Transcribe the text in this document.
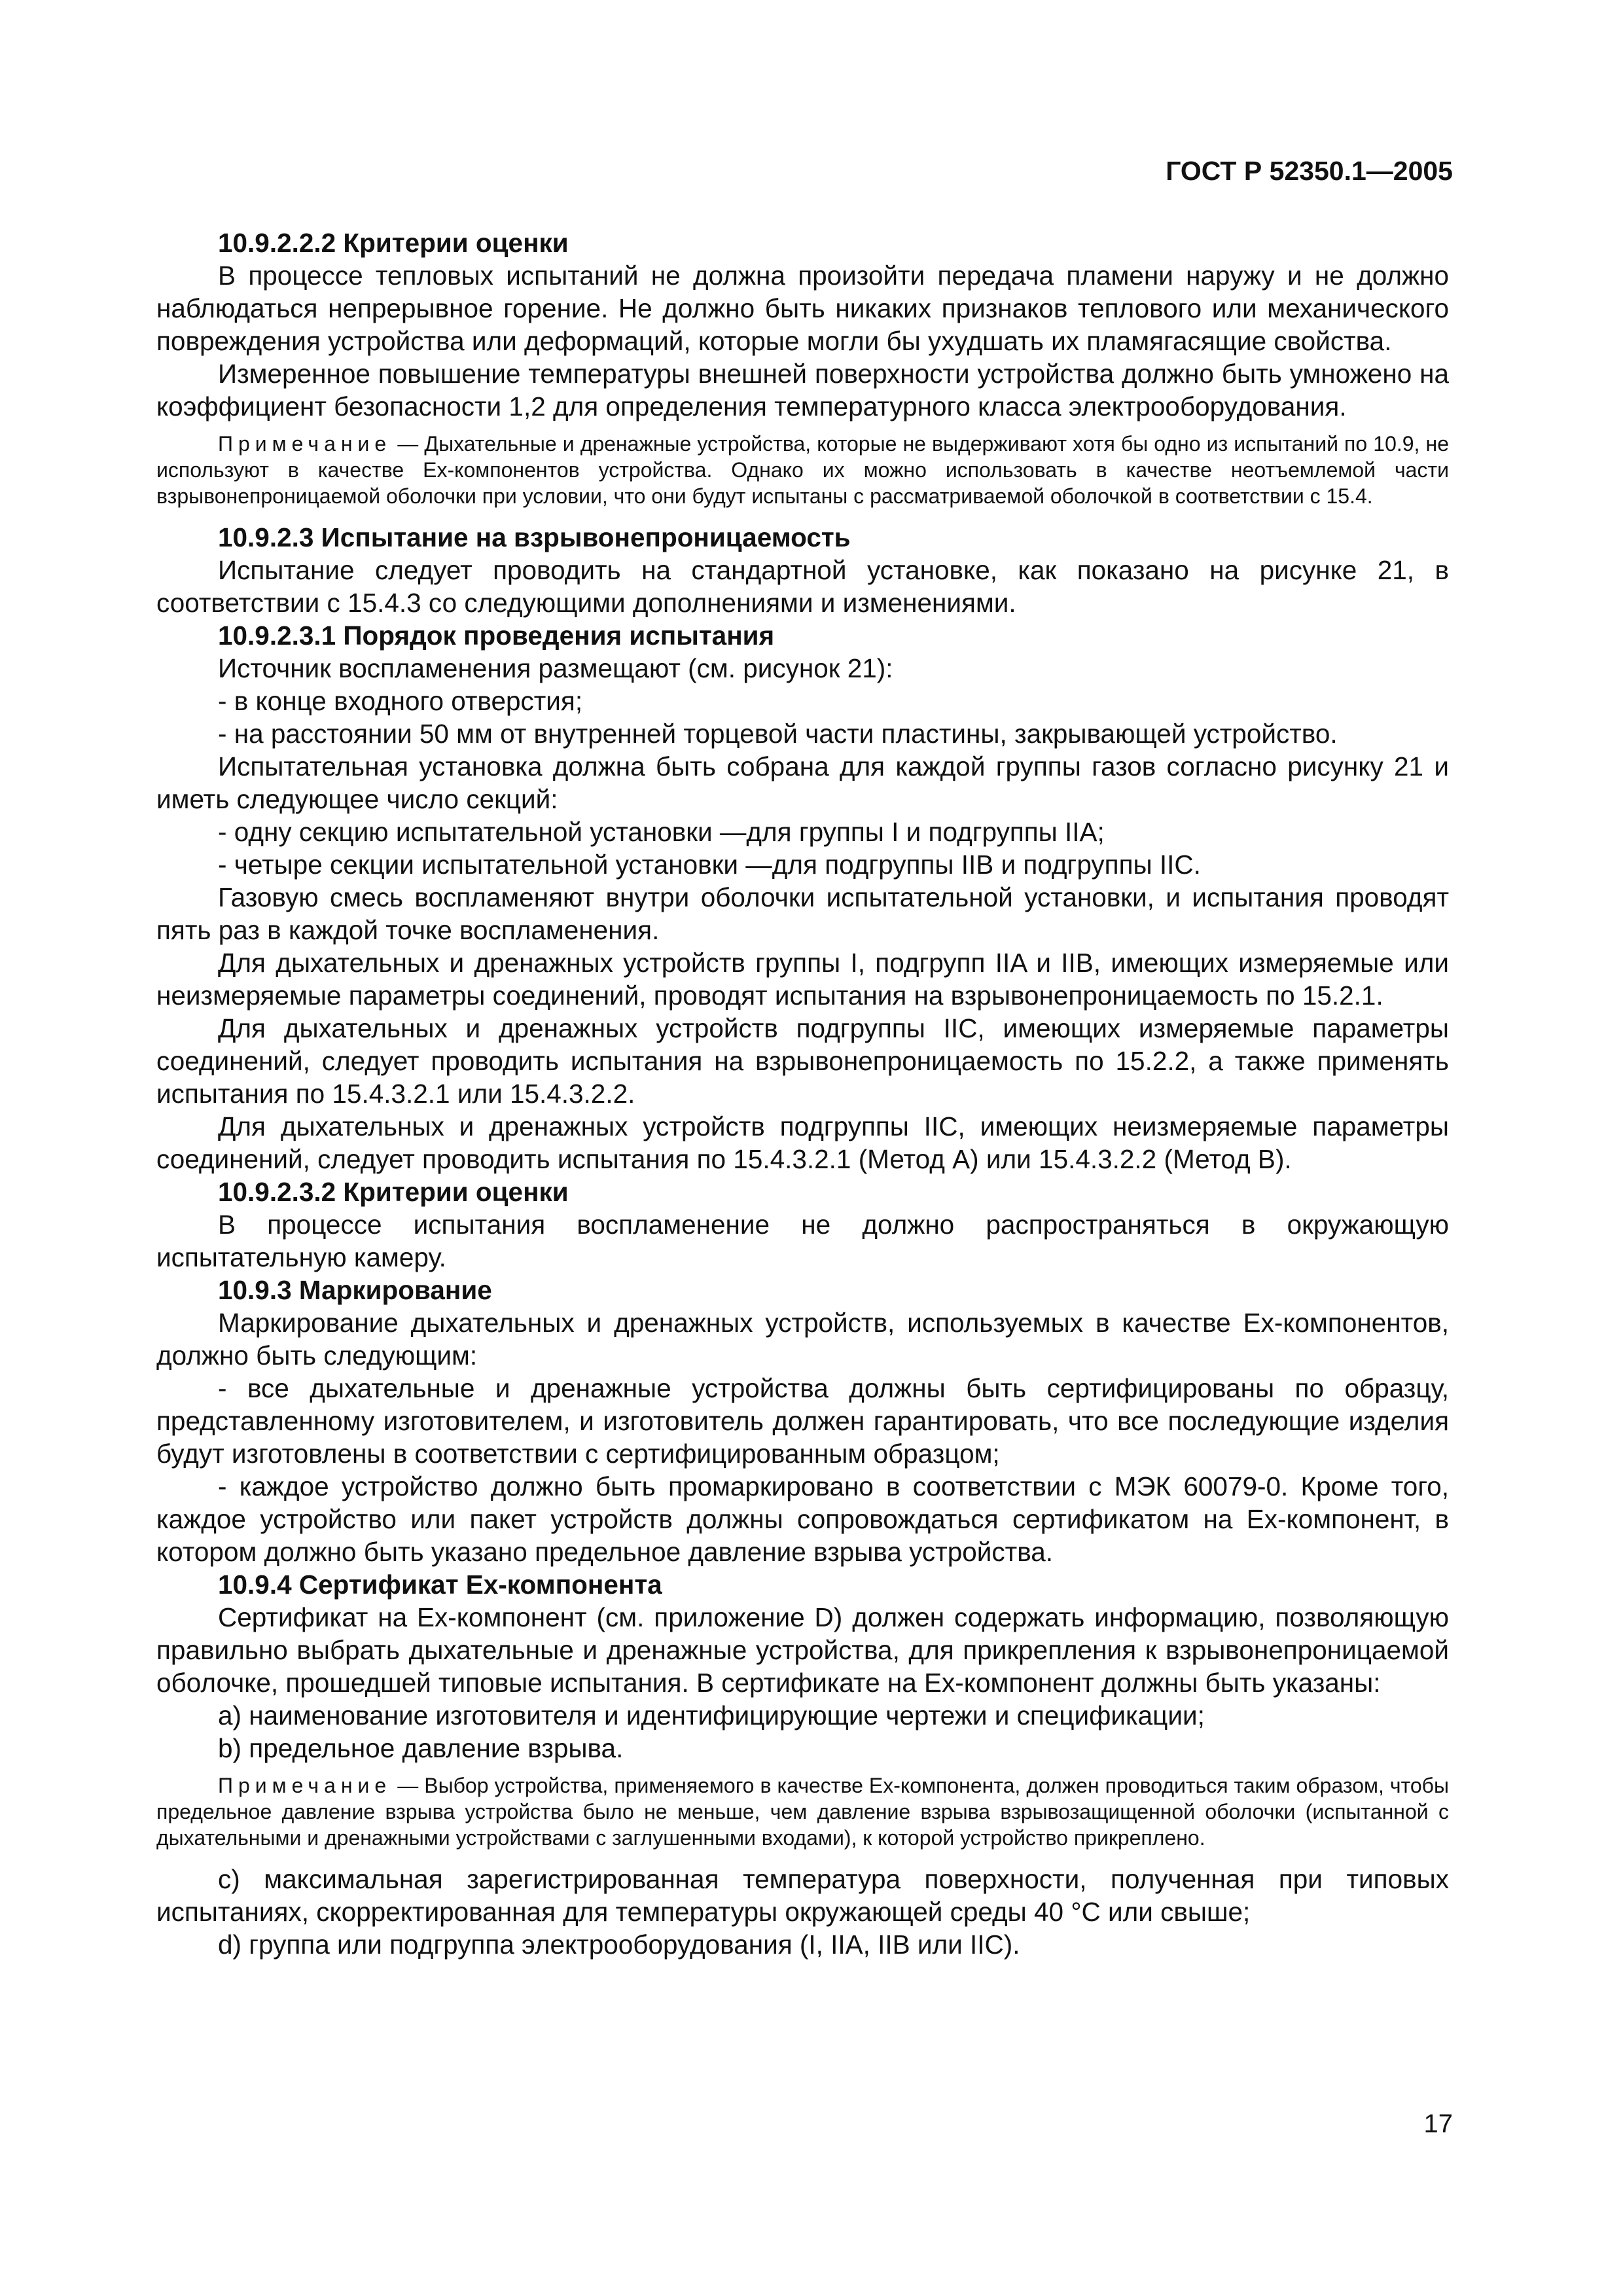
ГОСТ Р 52350.1—2005
10.9.2.2.2 Критерии оценки
В процессе тепловых испытаний не должна произойти передача пламени наружу и не должно наблюдаться непрерывное горение. Не должно быть никаких признаков теплового или механического повреждения устройства или деформаций, которые могли бы ухудшать их пламягасящие свойства.
Измеренное повышение температуры внешней поверхности устройства должно быть умножено на коэффициент безопасности 1,2 для определения температурного класса электрооборудования.
Примечание — Дыхательные и дренажные устройства, которые не выдерживают хотя бы одно из испытаний по 10.9, не используют в качестве Ех-компонентов устройства. Однако их можно использовать в качестве неотъемлемой части взрывонепроницаемой оболочки при условии, что они будут испытаны с рассматриваемой оболочкой в соответствии с 15.4.
10.9.2.3 Испытание на взрывонепроницаемость
Испытание следует проводить на стандартной установке, как показано на рисунке 21, в соответствии с 15.4.3 со следующими дополнениями и изменениями.
10.9.2.3.1 Порядок проведения испытания
Источник воспламенения размещают (см. рисунок 21):
- в конце входного отверстия;
- на расстоянии 50 мм от внутренней торцевой части пластины, закрывающей устройство.
Испытательная установка должна быть собрана для каждой группы газов согласно рисунку 21 и иметь следующее число секций:
- одну секцию испытательной установки —для группы I и подгруппы IIA;
- четыре секции испытательной установки —для подгруппы IIB и подгруппы IIC.
Газовую смесь воспламеняют внутри оболочки испытательной установки, и испытания проводят пять раз в каждой точке воспламенения.
Для дыхательных и дренажных устройств группы I, подгрупп IIA и IIB, имеющих измеряемые или неизмеряемые параметры соединений, проводят испытания на взрывонепроницаемость по 15.2.1.
Для дыхательных и дренажных устройств подгруппы IIC, имеющих измеряемые параметры соединений, следует проводить испытания на взрывонепроницаемость по 15.2.2, а также применять испытания по 15.4.3.2.1 или 15.4.3.2.2.
Для дыхательных и дренажных устройств подгруппы IIC, имеющих неизмеряемые параметры соединений, следует проводить испытания по 15.4.3.2.1 (Метод А) или 15.4.3.2.2 (Метод В).
10.9.2.3.2 Критерии оценки
В процессе испытания воспламенение не должно распространяться в окружающую испытательную камеру.
10.9.3 Маркирование
Маркирование дыхательных и дренажных устройств, используемых в качестве Ех-компонентов, должно быть следующим:
- все дыхательные и дренажные устройства должны быть сертифицированы по образцу, представленному изготовителем, и изготовитель должен гарантировать, что все последующие изделия будут изготовлены в соответствии с сертифицированным образцом;
- каждое устройство должно быть промаркировано в соответствии с МЭК 60079-0. Кроме того, каждое устройство или пакет устройств должны сопровождаться сертификатом на Ех-компонент, в котором должно быть указано предельное давление взрыва устройства.
10.9.4 Сертификат Ех-компонента
Сертификат на Ех-компонент (см. приложение D) должен содержать информацию, позволяющую правильно выбрать дыхательные и дренажные устройства, для прикрепления к взрывонепроницаемой оболочке, прошедшей типовые испытания. В сертификате на Ех-компонент должны быть указаны:
a) наименование изготовителя и идентифицирующие чертежи и спецификации;
b) предельное давление взрыва.
Примечание — Выбор устройства, применяемого в качестве Ех-компонента, должен проводиться таким образом, чтобы предельное давление взрыва устройства было не меньше, чем давление взрыва взрывозащищенной оболочки (испытанной с дыхательными и дренажными устройствами с заглушенными входами), к которой устройство прикреплено.
c) максимальная зарегистрированная температура поверхности, полученная при типовых испытаниях, скорректированная для температуры окружающей среды 40 °С или свыше;
d) группа или подгруппа электрооборудования (I, IIA, IIB или IIC).
17
